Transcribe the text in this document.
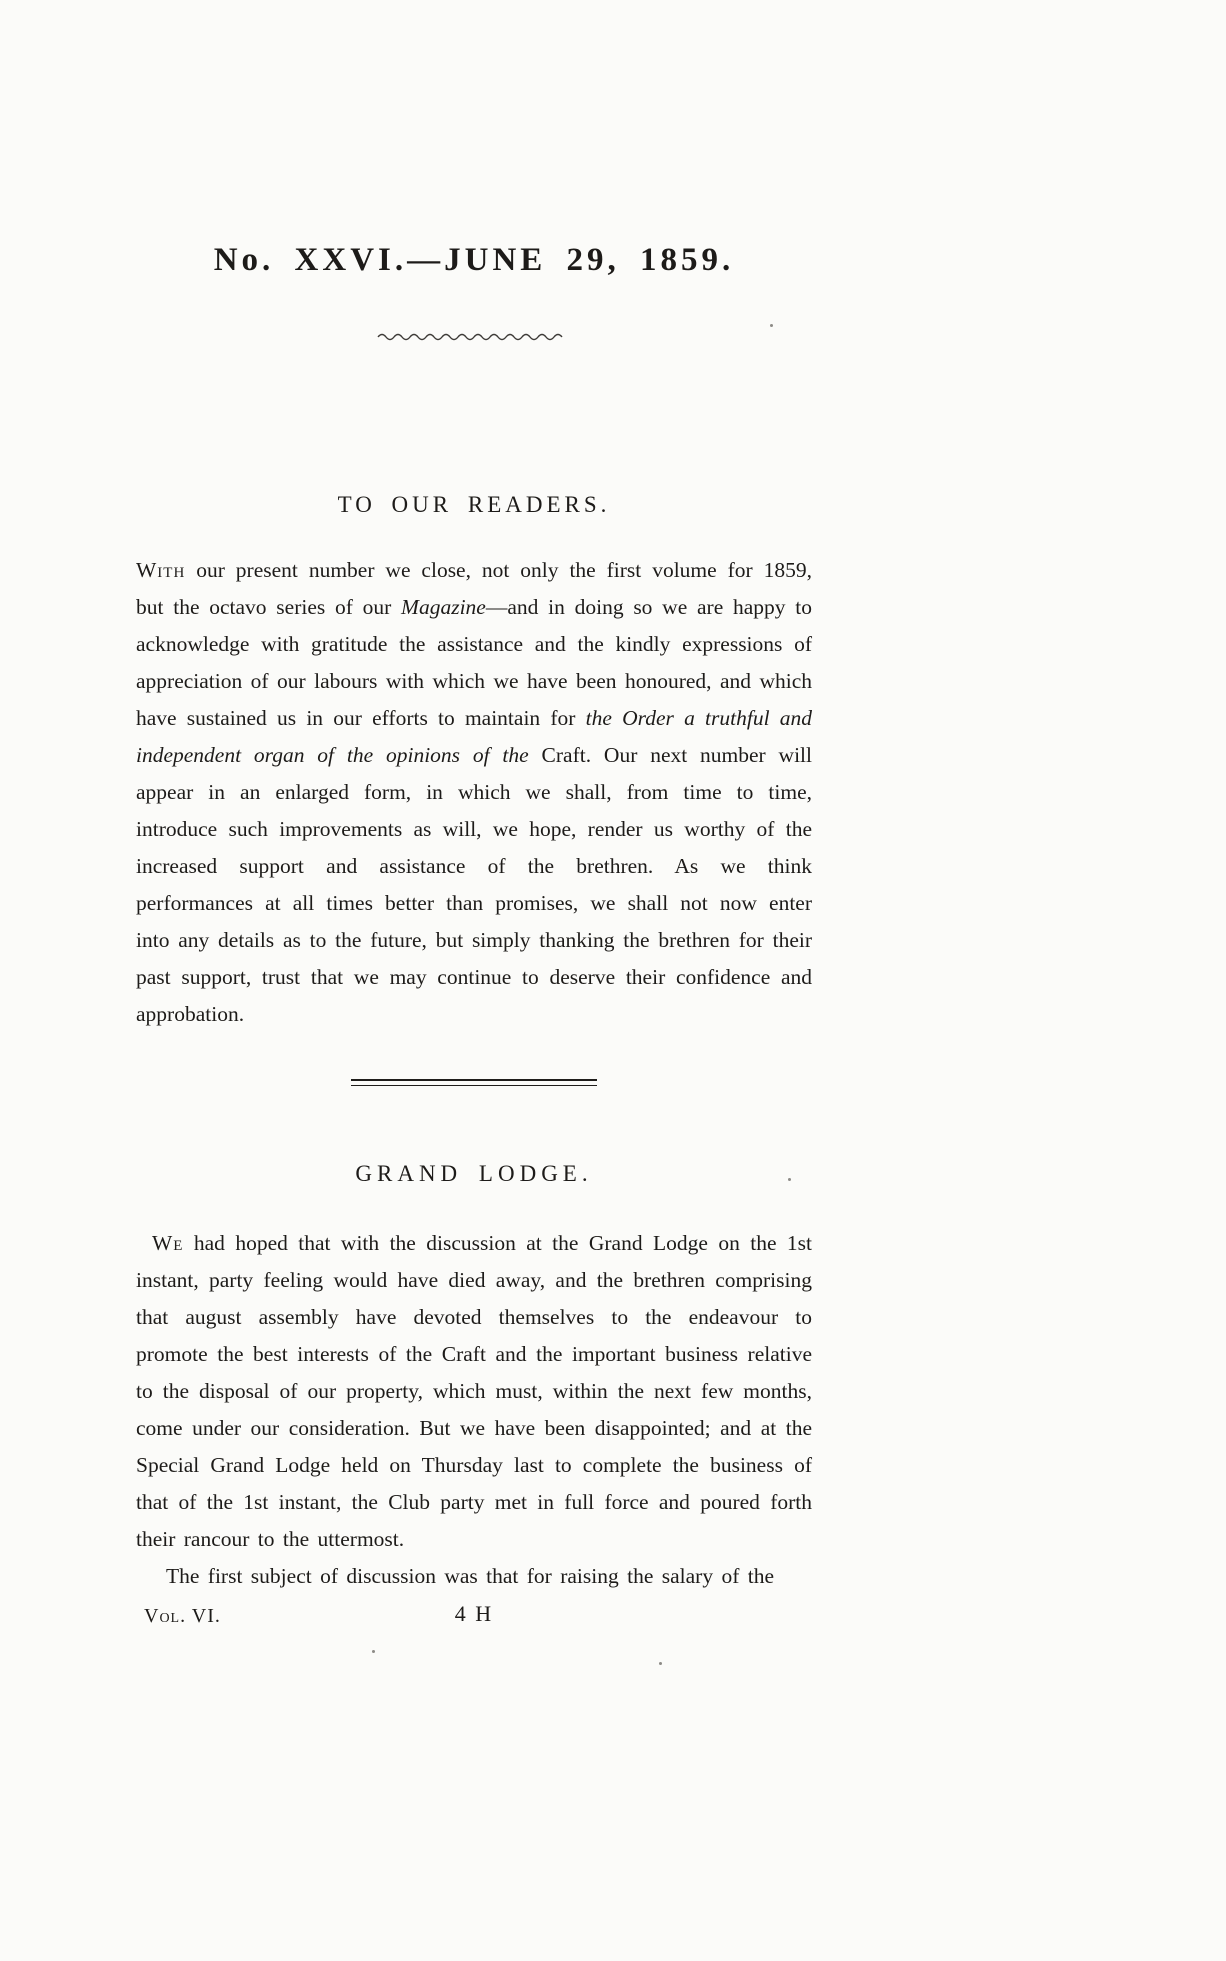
No. XXVI.—JUNE 29, 1859.
TO OUR READERS.

With our present number we close, not only the first volume for 1859, but the octavo series of our Magazine—and in doing so we are happy to acknowledge with gratitude the assistance and the kindly expressions of appreciation of our labours with which we have been honoured, and which have sustained us in our efforts to maintain for the Order a truthful and independent organ of the opinions of the Craft. Our next number will appear in an enlarged form, in which we shall, from time to time, introduce such improvements as will, we hope, render us worthy of the increased support and assistance of the brethren. As we think performances at all times better than promises, we shall not now enter into any details as to the future, but simply thanking the brethren for their past support, trust that we may continue to deserve their confidence and approbation.

GRAND LODGE.

We had hoped that with the discussion at the Grand Lodge on the 1st instant, party feeling would have died away, and the brethren comprising that august assembly have devoted themselves to the endeavour to promote the best interests of the Craft and the important business relative to the disposal of our property, which must, within the next few months, come under our consideration. But we have been disappointed; and at the Special Grand Lodge held on Thursday last to complete the business of that of the 1st instant, the Club party met in full force and poured forth their rancour to the uttermost.

The first subject of discussion was that for raising the salary of the

Vol. VI.	4 H
